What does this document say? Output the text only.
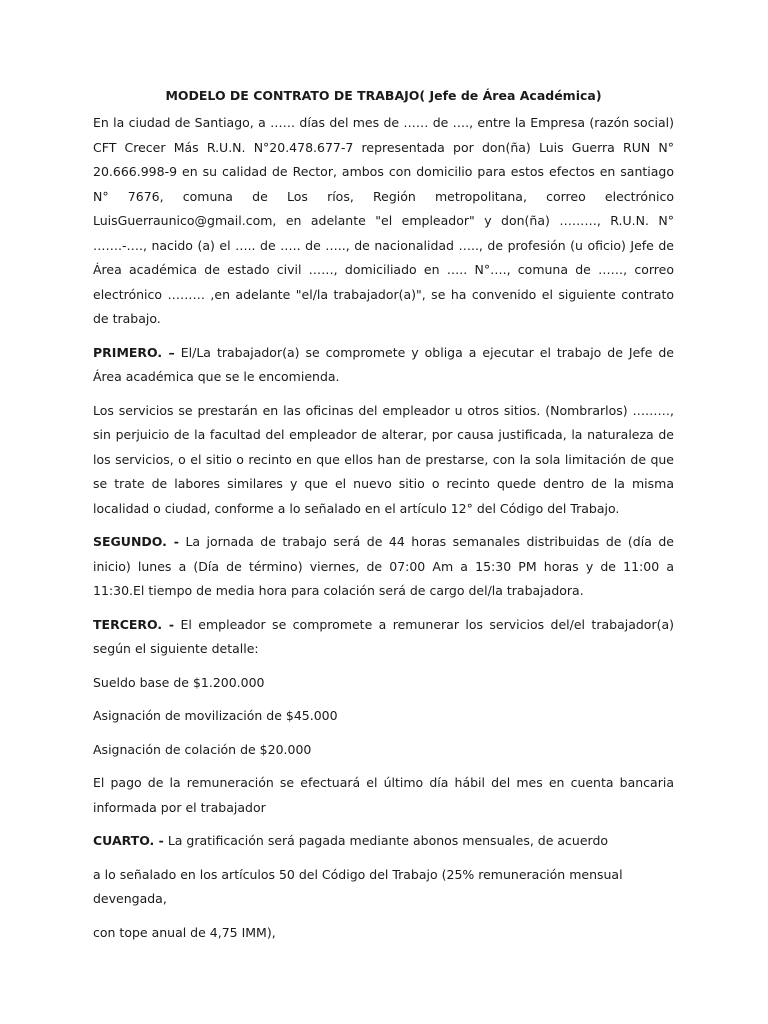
MODELO DE CONTRATO DE TRABAJO( Jefe de Área Académica)

En la ciudad de Santiago, a …… días del mes de …… de …., entre la Empresa (razón social) CFT Crecer Más R.U.N. N°20.478.677-7 representada por don(ña) Luis Guerra RUN N° 20.666.998-9 en su calidad de Rector, ambos con domicilio para estos efectos en santiago N° 7676, comuna de Los ríos, Región metropolitana, correo electrónico LuisGuerraunico@gmail.com, en adelante "el empleador" y don(ña) ………, R.U.N. N° …….-…., nacido (a) el ….. de ….. de ….., de nacionalidad ….., de profesión (u oficio) Jefe de Área académica de estado civil ……, domiciliado en ….. N°…., comuna de ……, correo electrónico ……… ,en adelante "el/la trabajador(a)", se ha convenido el siguiente contrato de trabajo.

PRIMERO. – El/La trabajador(a) se compromete y obliga a ejecutar el trabajo de Jefe de Área académica que se le encomienda.

Los servicios se prestarán en las oficinas del empleador u otros sitios. (Nombrarlos) ………, sin perjuicio de la facultad del empleador de alterar, por causa justificada, la naturaleza de los servicios, o el sitio o recinto en que ellos han de prestarse, con la sola limitación de que se trate de labores similares y que el nuevo sitio o recinto quede dentro de la misma localidad o ciudad, conforme a lo señalado en el artículo 12° del Código del Trabajo.

SEGUNDO. - La jornada de trabajo será de 44 horas semanales distribuidas de (día de inicio) lunes a (Día de término) viernes, de 07:00 Am a 15:30 PM horas y de 11:00 a 11:30.El tiempo de media hora para colación será de cargo del/la trabajadora.

TERCERO. - El empleador se compromete a remunerar los servicios del/el trabajador(a) según el siguiente detalle:

Sueldo base de $1.200.000

Asignación de movilización de $45.000

Asignación de colación de $20.000

El pago de la remuneración se efectuará el último día hábil del mes en cuenta bancaria informada por el trabajador

CUARTO. - La gratificación será pagada mediante abonos mensuales, de acuerdo

a lo señalado en los artículos 50 del Código del Trabajo (25% remuneración mensual devengada,

con tope anual de 4,75 IMM),
